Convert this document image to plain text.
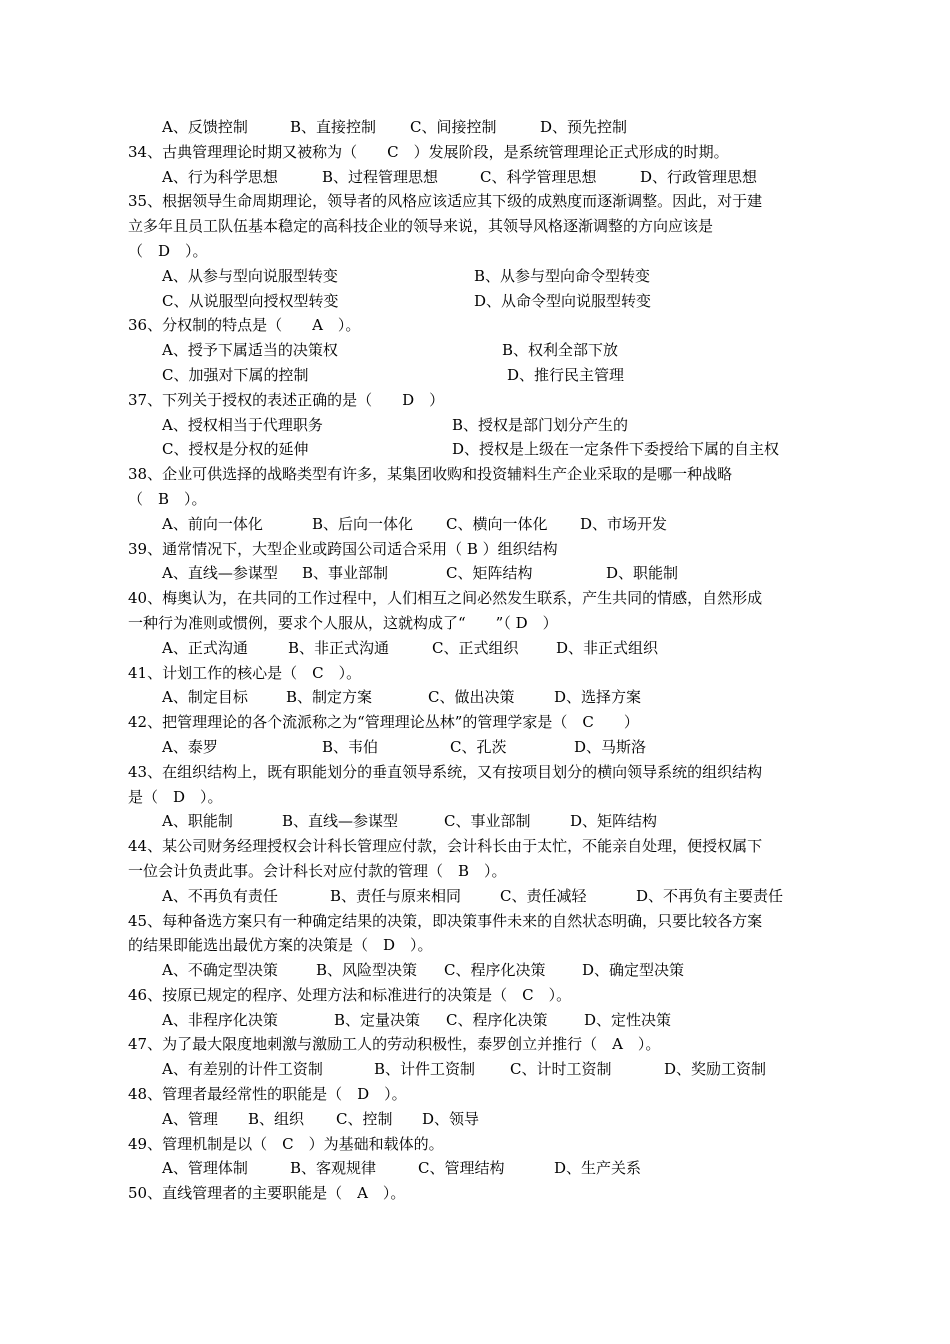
A、反馈控制	B、直接控制 C、间接控制	D、预先控制
34、古典管理理论时期又被称为（　　C　）发展阶段，是系统管理理论正式形成的时期。
A、行为科学思想	B、过程管理思想	C、科学管理思想	D、行政管理思想
35、根据领导生命周期理论，领导者的风格应该适应其下级的成熟度而逐渐调整。因此，对于建
立多年且员工队伍基本稳定的高科技企业的领导来说，其领导风格逐渐调整的方向应该是
（　D　）。
A、从参与型向说服型转变	B、从参与型向命令型转变
C、从说服型向授权型转变	D、从命令型向说服型转变
36、分权制的特点是（　　A　）。
A、授予下属适当的决策权	B、权利全部下放
C、加强对下属的控制	D、推行民主管理
37、下列关于授权的表述正确的是（　　D　）
A、授权相当于代理职务	B、授权是部门划分产生的
C、授权是分权的延伸	D、授权是上级在一定条件下委授给下属的自主权
38、企业可供选择的战略类型有许多，某集团收购和投资辅料生产企业采取的是哪一种战略
（　B　）。
A、前向一体化	B、后向一体化 C、横向一体化 D、市场开发
39、通常情况下，大型企业或跨国公司适合采用（ B ）组织结构
A、直线—参谋型 B、事业部制	C、矩阵结构	D、职能制
40、梅奥认为，在共同的工作过程中，人们相互之间必然发生联系，产生共同的情感，自然形成
一种行为准则或惯例，要求个人服从，这就构成了“　　”（ D　）
A、正式沟通	B、非正式沟通	C、正式组织	D、非正式组织
41、计划工作的核心是（　C　）。
A、制定目标	B、制定方案	C、做出决策	D、选择方案
42、把管理理论的各个流派称之为“管理理论丛林”的管理学家是（　C　　）
A、泰罗	B、韦伯	C、孔茨	D、马斯洛
43、在组织结构上，既有职能划分的垂直领导系统，又有按项目划分的横向领导系统的组织结构
是（　D　）。
A、职能制	B、直线—参谋型	C、事业部制	D、矩阵结构
44、某公司财务经理授权会计科长管理应付款，会计科长由于太忙，不能亲自处理，便授权属下
一位会计负责此事。会计科长对应付款的管理（　B　）。
A、不再负有责任	B、责任与原来相同	C、责任减轻	D、不再负有主要责任
45、每种备选方案只有一种确定结果的决策，即决策事件未来的自然状态明确，只要比较各方案
的结果即能选出最优方案的决策是（　D　）。
A、不确定型决策	B、风险型决策 C、程序化决策 D、确定型决策
46、按原已规定的程序、处理方法和标准进行的决策是（　C　）。
A、非程序化决策	B、定量决策 C、程序化决策 D、定性决策
47、为了最大限度地刺激与激励工人的劳动积极性，泰罗创立并推行（　A　）。
A、有差别的计件工资制	B、计件工资制 C、计时工资制	D、奖励工资制
48、管理者最经常性的职能是（　D　）。
A、管理 B、组织 C、控制 D、领导
49、管理机制是以（　C　）为基础和载体的。
A、管理体制	B、客观规律	C、管理结构	D、生产关系
50、直线管理者的主要职能是（　A　）。
